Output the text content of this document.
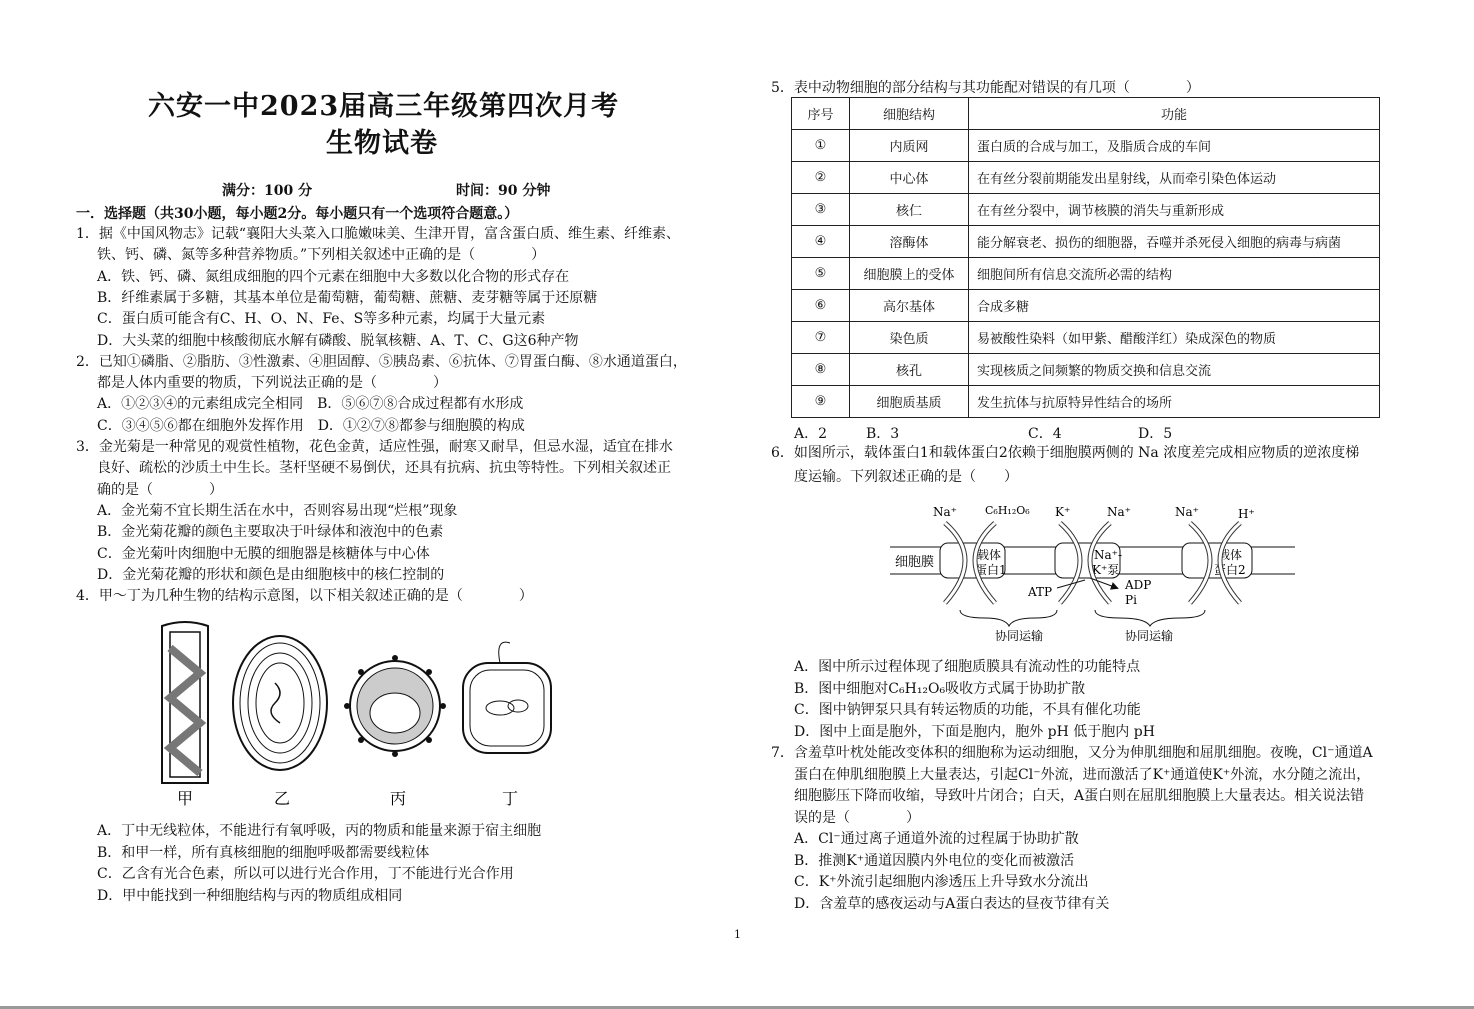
六安一中2023届高三年级第四次月考
生物试卷
满分：100 分	时间：90 分钟
一．选择题（共30小题，每小题2分。每小题只有一个选项符合题意。）
1．据《中国风物志》记载“襄阳大头菜入口脆嫩味美、生津开胃，富含蛋白质、维生素、纤维素、
铁、钙、磷、氮等多种营养物质。”下列相关叙述中正确的是（　　　　）
A．铁、钙、磷、氮组成细胞的四个元素在细胞中大多数以化合物的形式存在
B．纤维素属于多糖，其基本单位是葡萄糖，葡萄糖、蔗糖、麦芽糖等属于还原糖
C．蛋白质可能含有C、H、O、N、Fe、S等多种元素，均属于大量元素
D．大头菜的细胞中核酸彻底水解有磷酸、脱氧核糖、A、T、C、G这6种产物
2．已知①磷脂、②脂肪、③性激素、④胆固醇、⑤胰岛素、⑥抗体、⑦胃蛋白酶、⑧水通道蛋白，
都是人体内重要的物质，下列说法正确的是（　　　　）
A．①②③④的元素组成完全相同　B．⑤⑥⑦⑧合成过程都有水形成
C．③④⑤⑥都在细胞外发挥作用　D．①②⑦⑧都参与细胞膜的构成
3．金光菊是一种常见的观赏性植物，花色金黄，适应性强，耐寒又耐旱，但忌水湿，适宜在排水
良好、疏松的沙质土中生长。茎杆坚硬不易倒伏，还具有抗病、抗虫等特性。下列相关叙述正
确的是（　　　　）
A．金光菊不宜长期生活在水中，否则容易出现“烂根”现象
B．金光菊花瓣的颜色主要取决于叶绿体和液泡中的色素
C．金光菊叶肉细胞中无膜的细胞器是核糖体与中心体
D．金光菊花瓣的形状和颜色是由细胞核中的核仁控制的
4．甲～丁为几种生物的结构示意图，以下相关叙述正确的是（　　　　）
A．丁中无线粒体，不能进行有氧呼吸，丙的物质和能量来源于宿主细胞
B．和甲一样，所有真核细胞的细胞呼吸都需要线粒体
C．乙含有光合色素，所以可以进行光合作用，丁不能进行光合作用
D．甲中能找到一种细胞结构与丙的物质组成相同
5．表中动物细胞的部分结构与其功能配对错误的有几项（　　　　）
A．2	B．3	C．4	D．5
6．如图所示，载体蛋白1和载体蛋白2依赖于细胞膜两侧的 Na 浓度差完成相应物质的逆浓度梯
度运输。下列叙述正确的是（　　）
A．图中所示过程体现了细胞质膜具有流动性的功能特点
B．图中细胞对C₆H₁₂O₆吸收方式属于协助扩散
C．图中钠钾泵只具有转运物质的功能，不具有催化功能
D．图中上面是胞外，下面是胞内，胞外 pH 低于胞内 pH
7．含羞草叶枕处能改变体积的细胞称为运动细胞，又分为伸肌细胞和屈肌细胞。夜晚，Cl⁻通道A
蛋白在伸肌细胞膜上大量表达，引起Cl⁻外流，进而激活了K⁺通道使K⁺外流，水分随之流出，
细胞膨压下降而收缩，导致叶片闭合；白天，A蛋白则在屈肌细胞膜上大量表达。相关说法错
误的是（　　　　）
A．Cl⁻通过离子通道外流的过程属于协助扩散
B．推测K⁺通道因膜内外电位的变化而被激活
C．K⁺外流引起细胞内渗透压上升导致水分流出
D．含羞草的感夜运动与A蛋白表达的昼夜节律有关
甲	乙	丙	丁
序号	细胞结构	功能
①	内质网	蛋白质的合成与加工，及脂质合成的车间
②	中心体	在有丝分裂前期能发出星射线，从而牵引染色体运动
③	核仁	在有丝分裂中，调节核膜的消失与重新形成
④	溶酶体	能分解衰老、损伤的细胞器，吞噬并杀死侵入细胞的病毒与病菌
⑤	细胞膜上的受体	细胞间所有信息交流所必需的结构
⑥	高尔基体	合成多糖
⑦	染色质	易被酸性染料（如甲紫、醋酸洋红）染成深色的物质
⑧	核孔	实现核质之间频繁的物质交换和信息交流
⑨	细胞质基质	发生抗体与抗原特异性结合的场所
细胞膜	载体
蛋白1
Na⁺-
K⁺泵
载体
蛋白2
Na⁺	C₆H₁₂O₆ K⁺	Na⁺	Na⁺	H⁺
ATP	ADP
Pi
协同运输	协同运输
1
